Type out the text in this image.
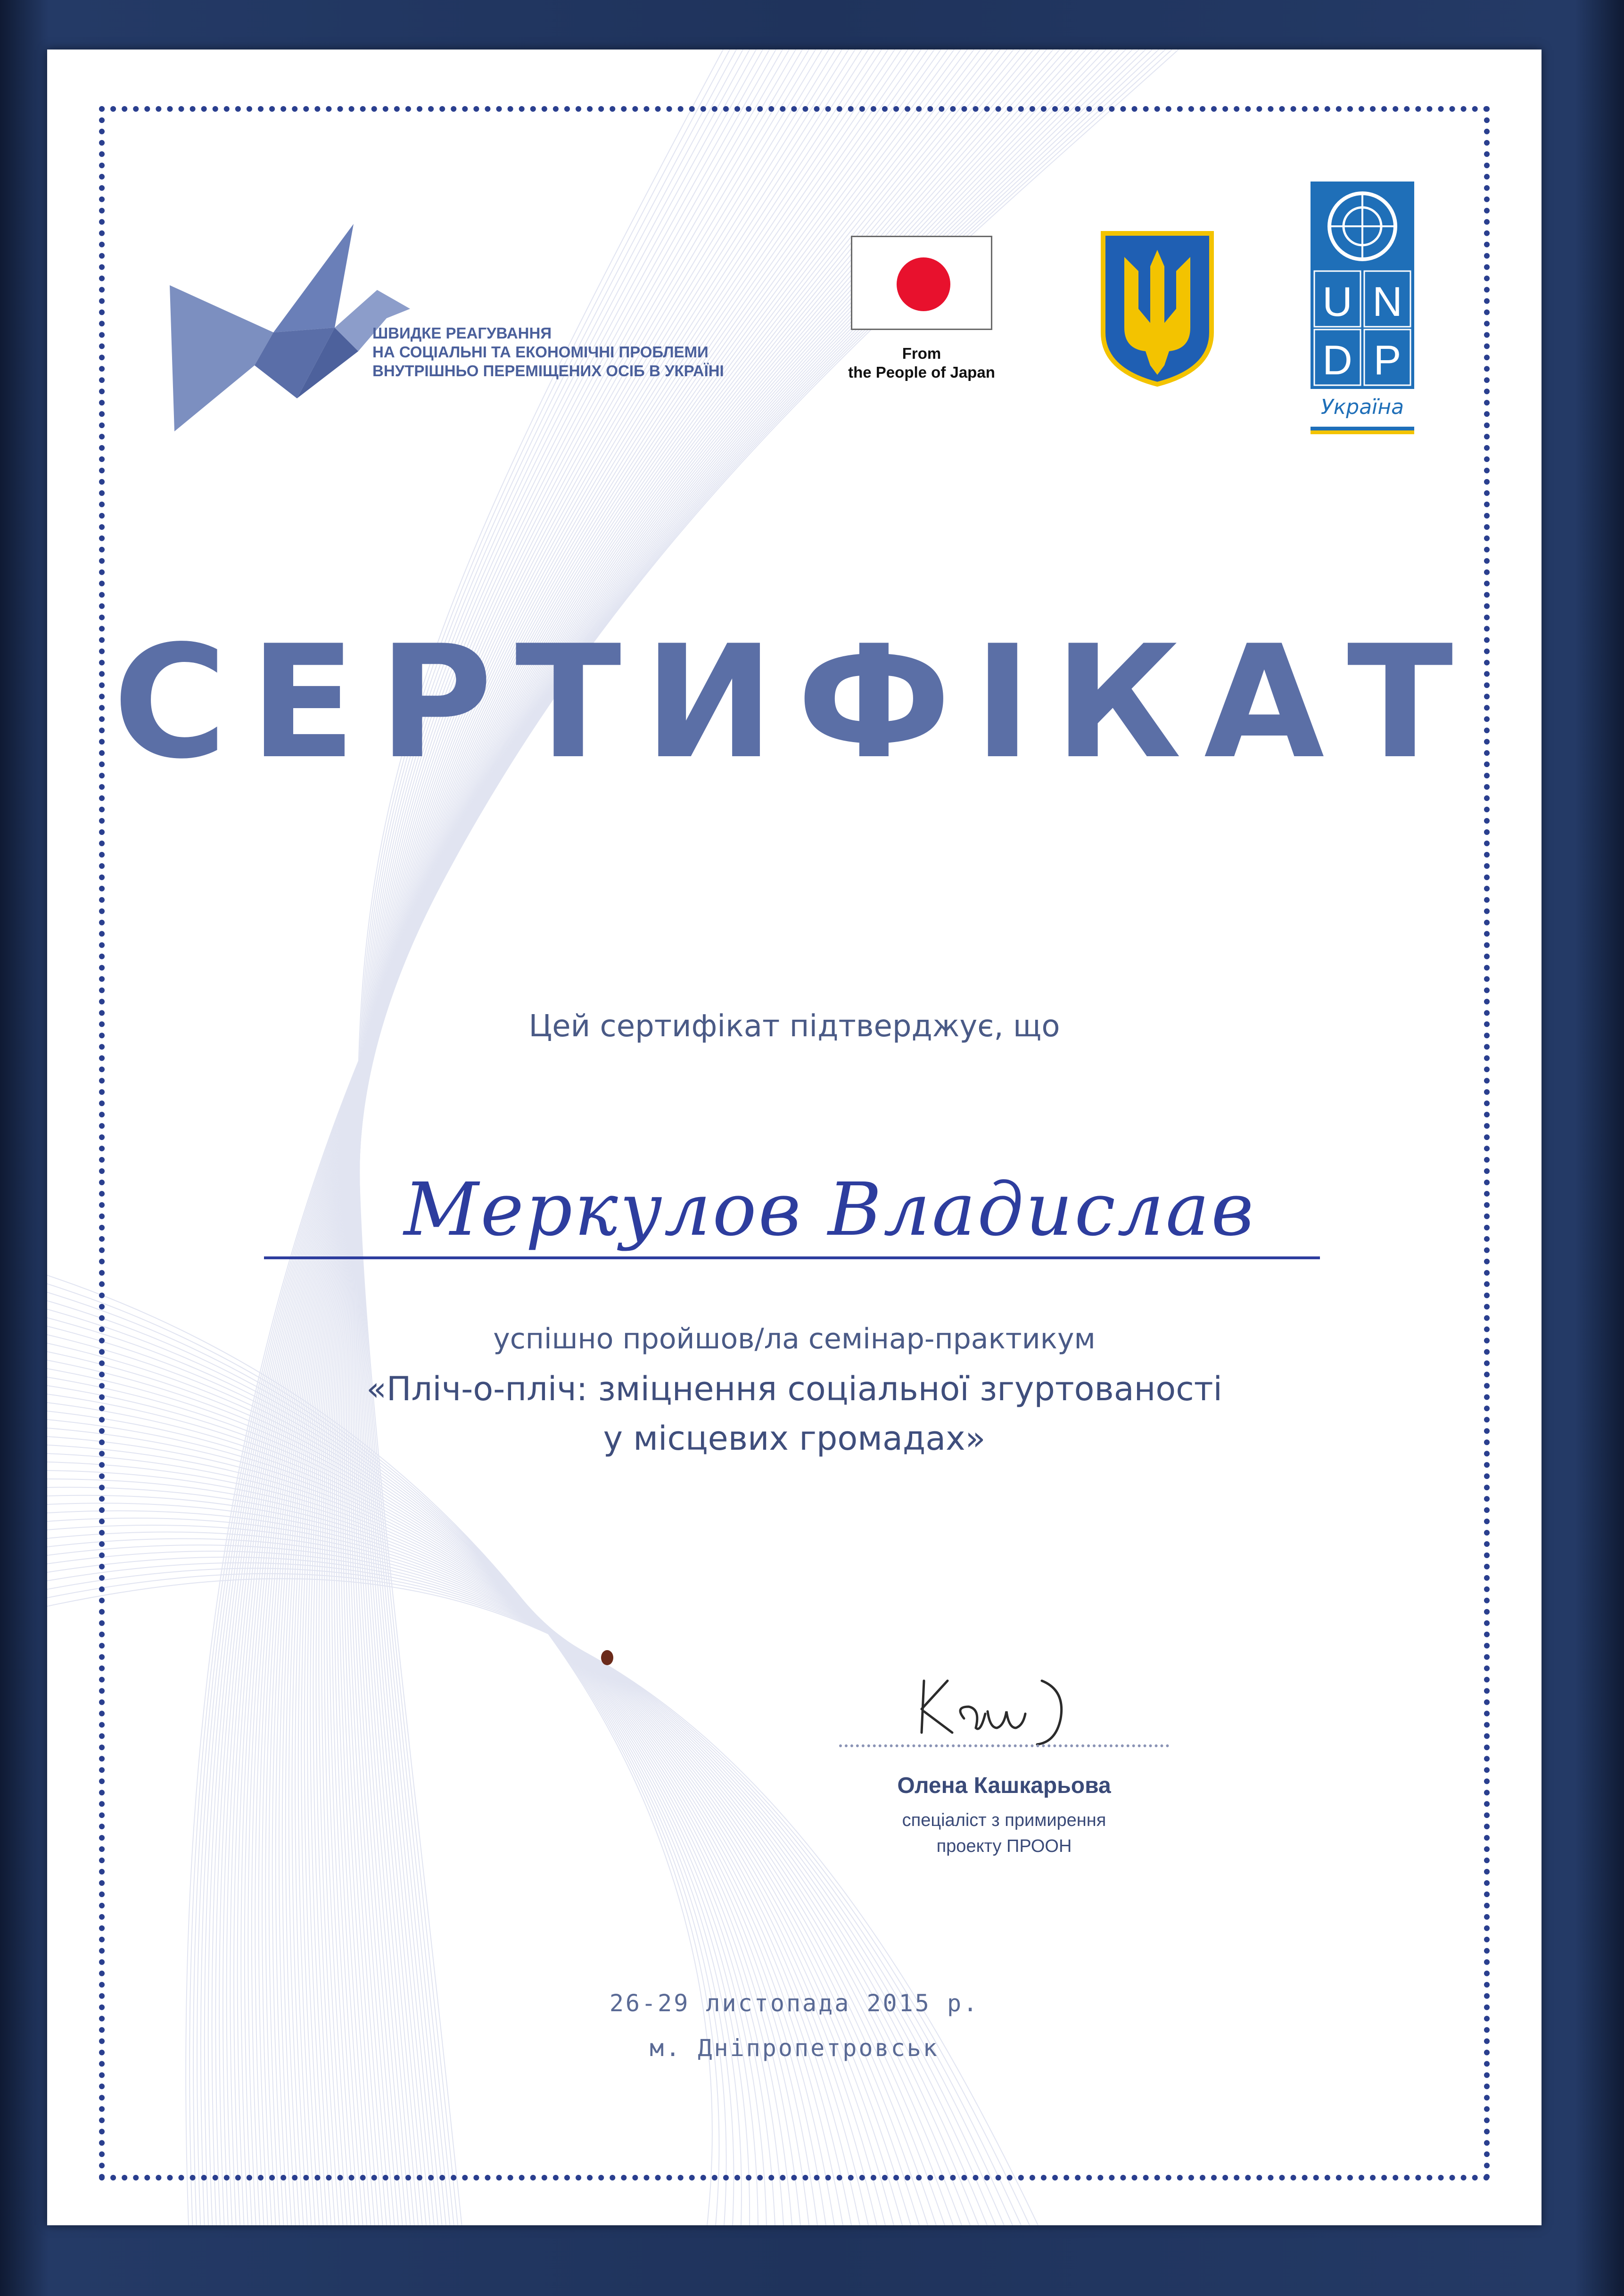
ШВИДКЕ РЕАГУВАННЯ
НА СОЦІАЛЬНІ ТА ЕКОНОМІЧНІ ПРОБЛЕМИ
ВНУТРІШНЬО ПЕРЕМІЩЕНИХ ОСІБ В УКРАЇНІ
From
the People of Japan
U N
D P
Україна
СЕРТИФІКАТ
Цей сертифікат підтверджує, що
Меркулов Владислав
успішно пройшов/ла семінар-практикум
«Пліч-о-пліч: зміцнення соціальної згуртованості
у місцевих громадах»
Олена Кашкарьова
спеціаліст з примирення
проекту ПРООН
26-29 листопада 2015 р.
м. Дніпропетровськ
